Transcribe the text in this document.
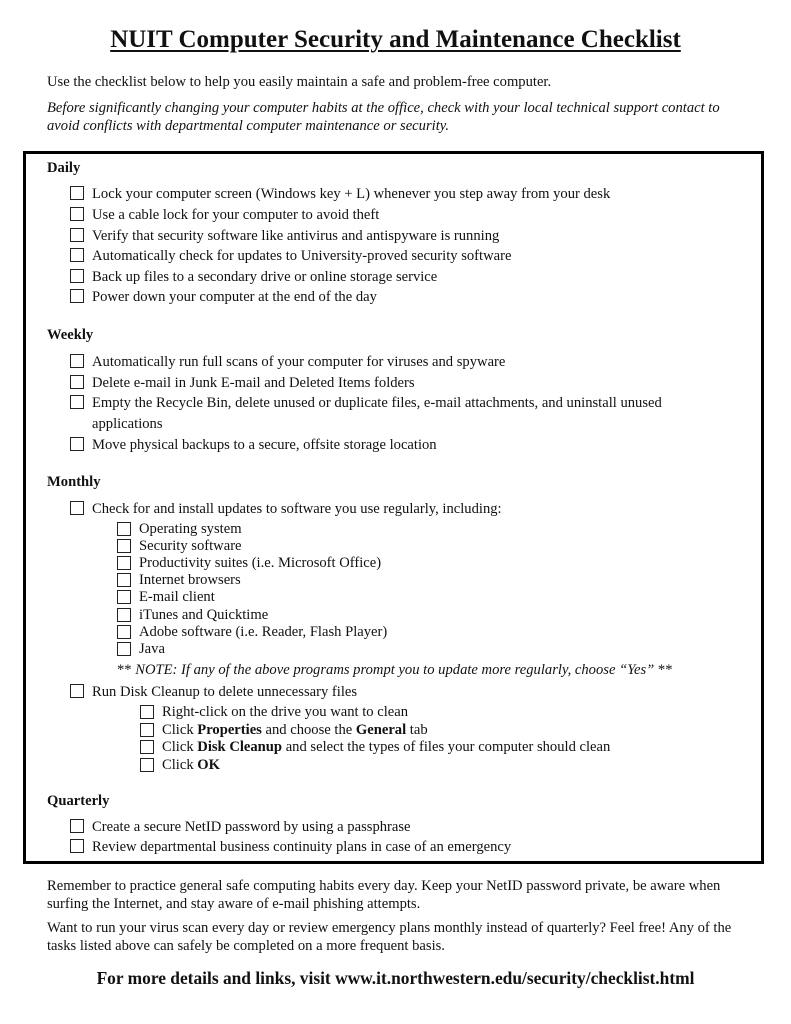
NUIT Computer Security and Maintenance Checklist
Use the checklist below to help you easily maintain a safe and problem-free computer.
Before significantly changing your computer habits at the office, check with your local technical support contact to avoid conflicts with departmental computer maintenance or security.
Daily
Lock your computer screen (Windows key + L) whenever you step away from your desk
Use a cable lock for your computer to avoid theft
Verify that security software like antivirus and antispyware is running
Automatically check for updates to University-proved security software
Back up files to a secondary drive or online storage service
Power down your computer at the end of the day
Weekly
Automatically run full scans of your computer for viruses and spyware
Delete e-mail in Junk E-mail and Deleted Items folders
Empty the Recycle Bin, delete unused or duplicate files, e-mail attachments, and uninstall unused applications
Move physical backups to a secure, offsite storage location
Monthly
Check for and install updates to software you use regularly, including:
Operating system
Security software
Productivity suites (i.e. Microsoft Office)
Internet browsers
E-mail client
iTunes and Quicktime
Adobe software (i.e. Reader, Flash Player)
Java
** NOTE: If any of the above programs prompt you to update more regularly, choose “Yes” **
Run Disk Cleanup to delete unnecessary files
Right-click on the drive you want to clean
Click Properties and choose the General tab
Click Disk Cleanup and select the types of files your computer should clean
Click OK
Quarterly
Create a secure NetID password by using a passphrase
Review departmental business continuity plans in case of an emergency
Remember to practice general safe computing habits every day. Keep your NetID password private, be aware when surfing the Internet, and stay aware of e-mail phishing attempts.
Want to run your virus scan every day or review emergency plans monthly instead of quarterly? Feel free! Any of the tasks listed above can safely be completed on a more frequent basis.
For more details and links, visit www.it.northwestern.edu/security/checklist.html
